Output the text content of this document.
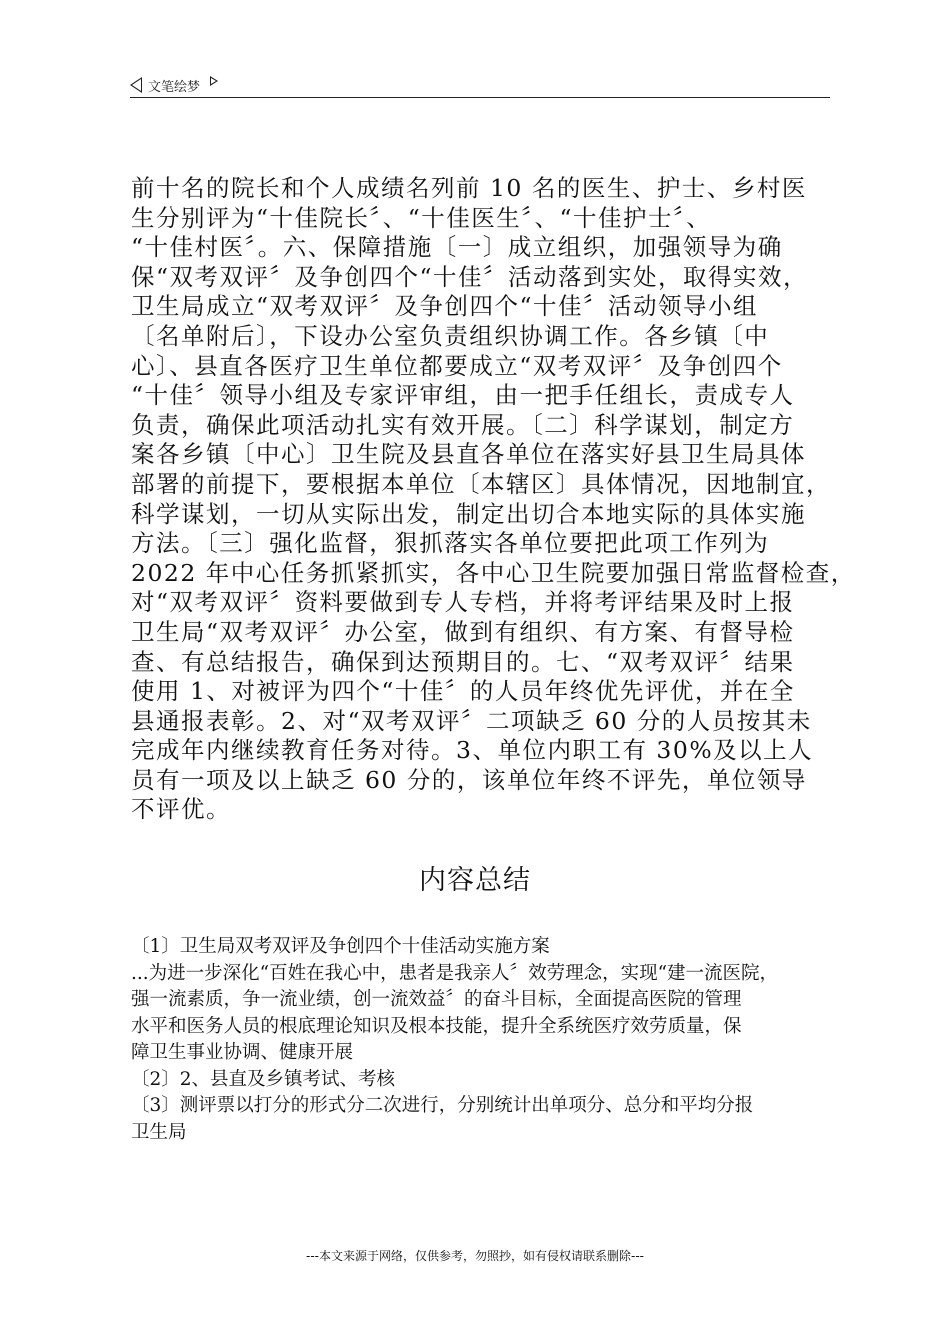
文笔绘梦
前十名的院长和个人成绩名列前 10 名的医生、护士、乡村医
生分别评为“十佳院长〞、“十佳医生〞、“十佳护士〞、
“十佳村医〞。六、保障措施〔一〕成立组织，加强领导为确
保“双考双评〞及争创四个“十佳〞活动落到实处，取得实效，
卫生局成立“双考双评〞及争创四个“十佳〞活动领导小组
〔名单附后〕，下设办公室负责组织协调工作。各乡镇〔中
心〕、县直各医疗卫生单位都要成立“双考双评〞及争创四个
“十佳〞领导小组及专家评审组，由一把手任组长，责成专人
负责，确保此项活动扎实有效开展。〔二〕科学谋划，制定方
案各乡镇〔中心〕卫生院及县直各单位在落实好县卫生局具体
部署的前提下，要根据本单位〔本辖区〕具体情况，因地制宜，
科学谋划，一切从实际出发，制定出切合本地实际的具体实施
方法。〔三〕强化监督，狠抓落实各单位要把此项工作列为
2022 年中心任务抓紧抓实，各中心卫生院要加强日常监督检查，
对“双考双评〞资料要做到专人专档，并将考评结果及时上报
卫生局“双考双评〞办公室，做到有组织、有方案、有督导检
查、有总结报告，确保到达预期目的。七、“双考双评〞结果
使用 1、对被评为四个“十佳〞的人员年终优先评优，并在全
县通报表彰。2、对“双考双评〞二项缺乏 60 分的人员按其未
完成年内继续教育任务对待。3、单位内职工有 30%及以上人
员有一项及以上缺乏 60 分的，该单位年终不评先，单位领导
不评优。
内容总结
〔1〕卫生局双考双评及争创四个十佳活动实施方案
...为进一步深化“百姓在我心中，患者是我亲人〞效劳理念，实现“建一流医院，
强一流素质，争一流业绩，创一流效益〞的奋斗目标，全面提高医院的管理
水平和医务人员的根底理论知识及根本技能，提升全系统医疗效劳质量，保
障卫生事业协调、健康开展
〔2〕2、县直及乡镇考试、考核
〔3〕测评票以打分的形式分二次进行，分别统计出单项分、总分和平均分报
卫生局
---本文来源于网络，仅供参考，勿照抄，如有侵权请联系删除---
